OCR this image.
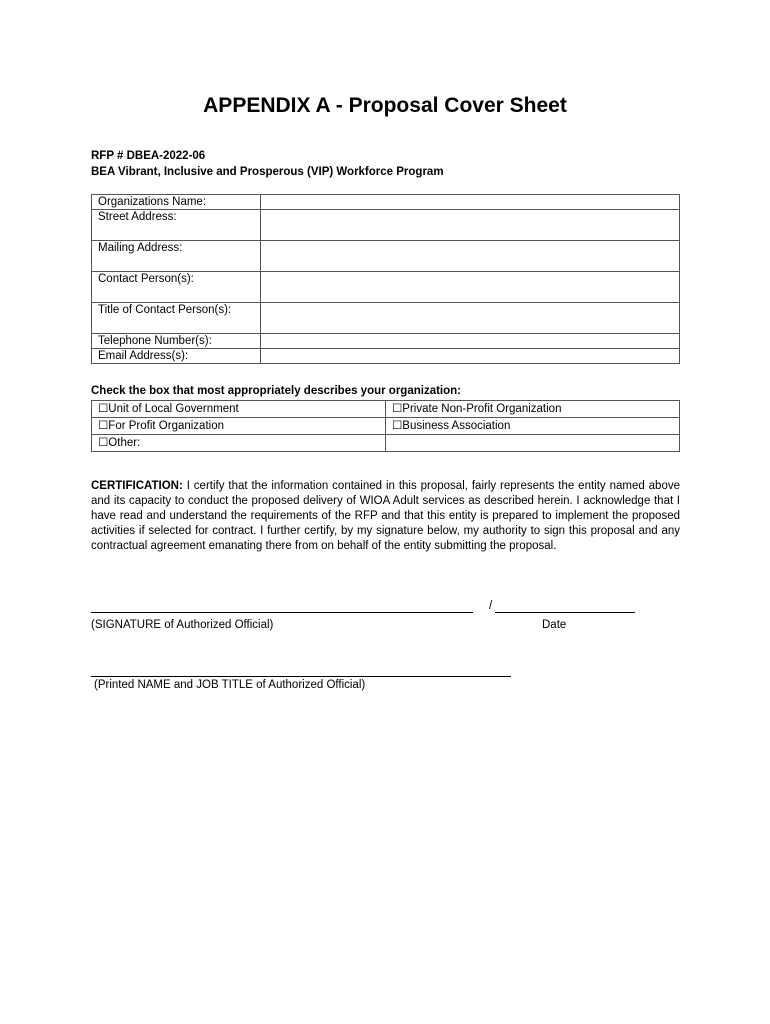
APPENDIX A - Proposal Cover Sheet
RFP # DBEA-2022-06
BEA Vibrant, Inclusive and Prosperous (VIP) Workforce Program
Organizations Name:	
Street Address:	
Mailing Address:	
Contact Person(s):	
Title of Contact Person(s):	
Telephone Number(s):	
Email Address(s):	
Check the box that most appropriately describes your organization:
☐Unit of Local Government	☐Private Non-Profit Organization
☐For Profit Organization	☐Business Association
☐Other:	
CERTIFICATION: I certify that the information contained in this proposal, fairly represents the entity named above and its capacity to conduct the proposed delivery of WIOA Adult services as described herein. I acknowledge that I have read and understand the requirements of the RFP and that this entity is prepared to implement the proposed activities if selected for contract. I further certify, by my signature below, my authority to sign this proposal and any contractual agreement emanating there from on behalf of the entity submitting the proposal.
/
(SIGNATURE of Authorized Official)	Date
(Printed NAME and JOB TITLE of Authorized Official)
